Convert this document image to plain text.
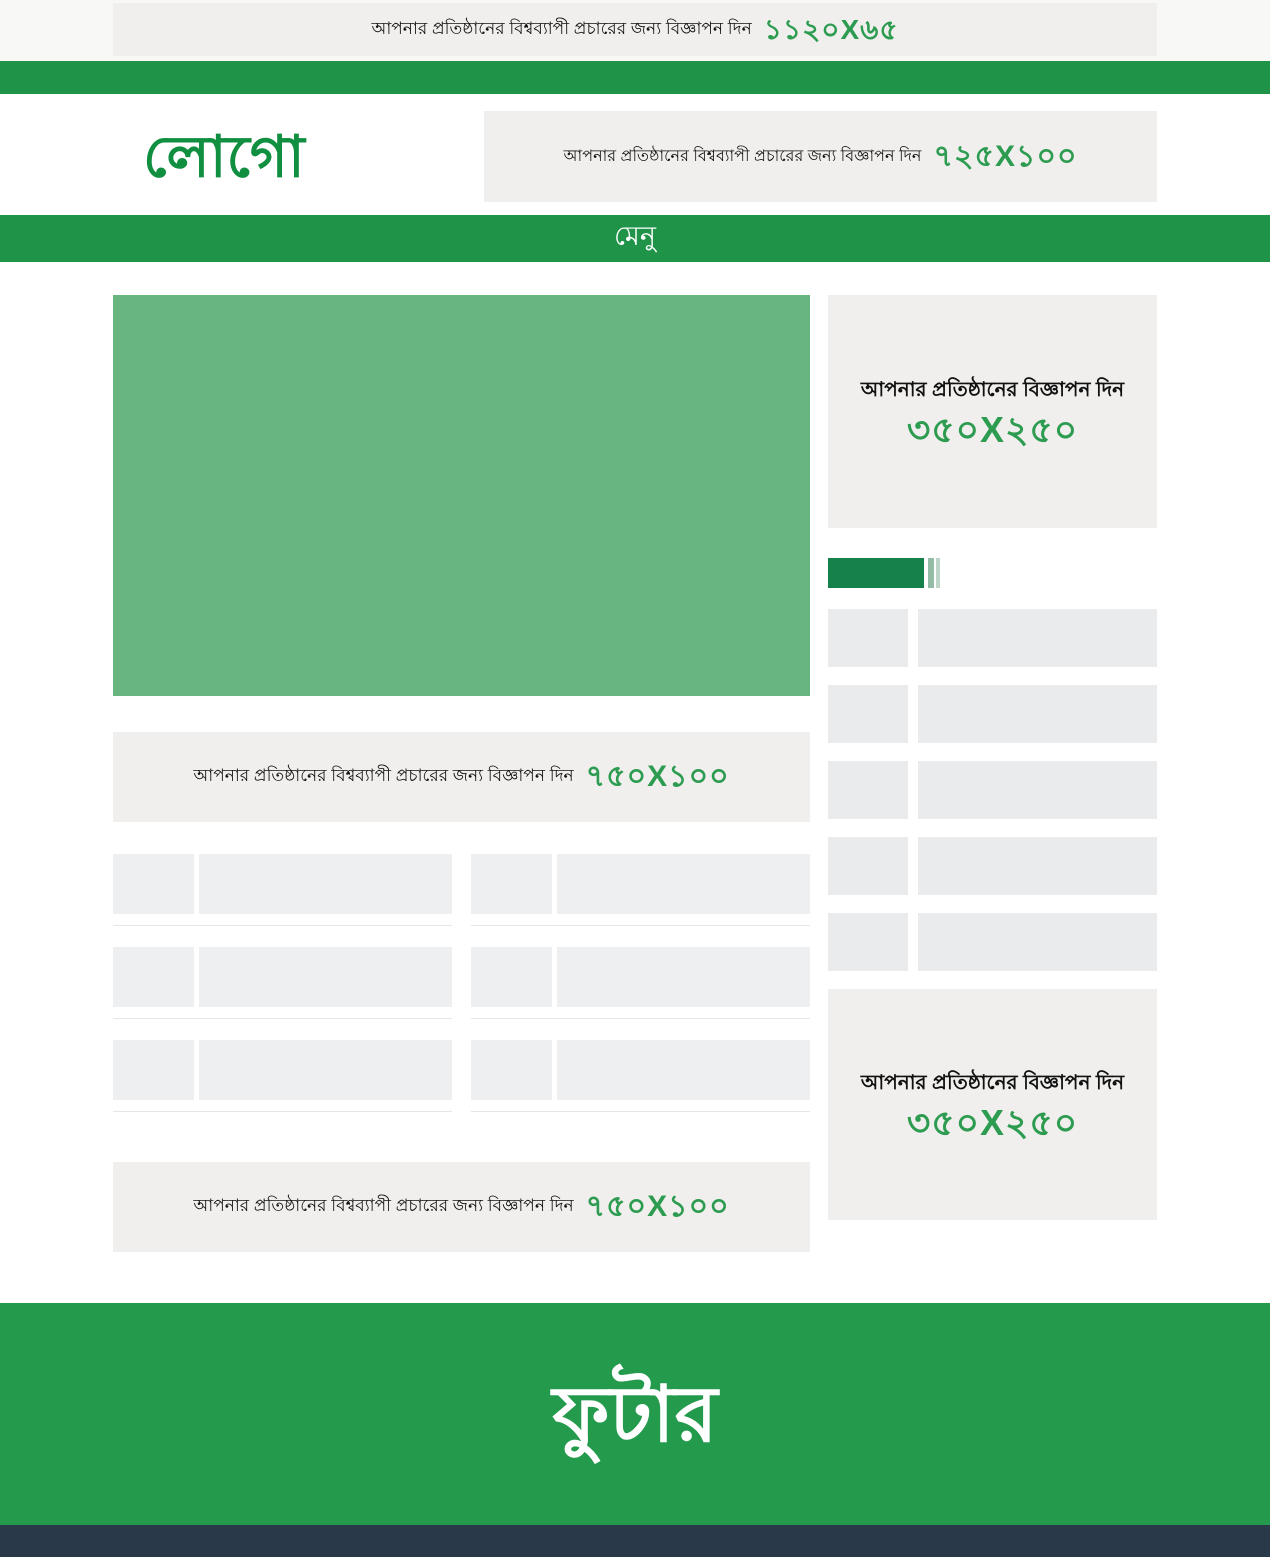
আপনার প্রতিষ্ঠানের বিশ্বব্যাপী প্রচারের জন্য বিজ্ঞাপন দিন ১১২০X৬৫
লোগো	আপনার প্রতিষ্ঠানের বিশ্বব্যাপী প্রচারের জন্য বিজ্ঞাপন দিন ৭২৫X১০০
মেনু
আপনার প্রতিষ্ঠানের বিশ্বব্যাপী প্রচারের জন্য বিজ্ঞাপন দিন ৭৫০X১০০
আপনার প্রতিষ্ঠানের বিশ্বব্যাপী প্রচারের জন্য বিজ্ঞাপন দিন ৭৫০X১০০
আপনার প্রতিষ্ঠানের বিজ্ঞাপন দিন
৩৫০X২৫০
আপনার প্রতিষ্ঠানের বিজ্ঞাপন দিন
৩৫০X২৫০
ফুটার
